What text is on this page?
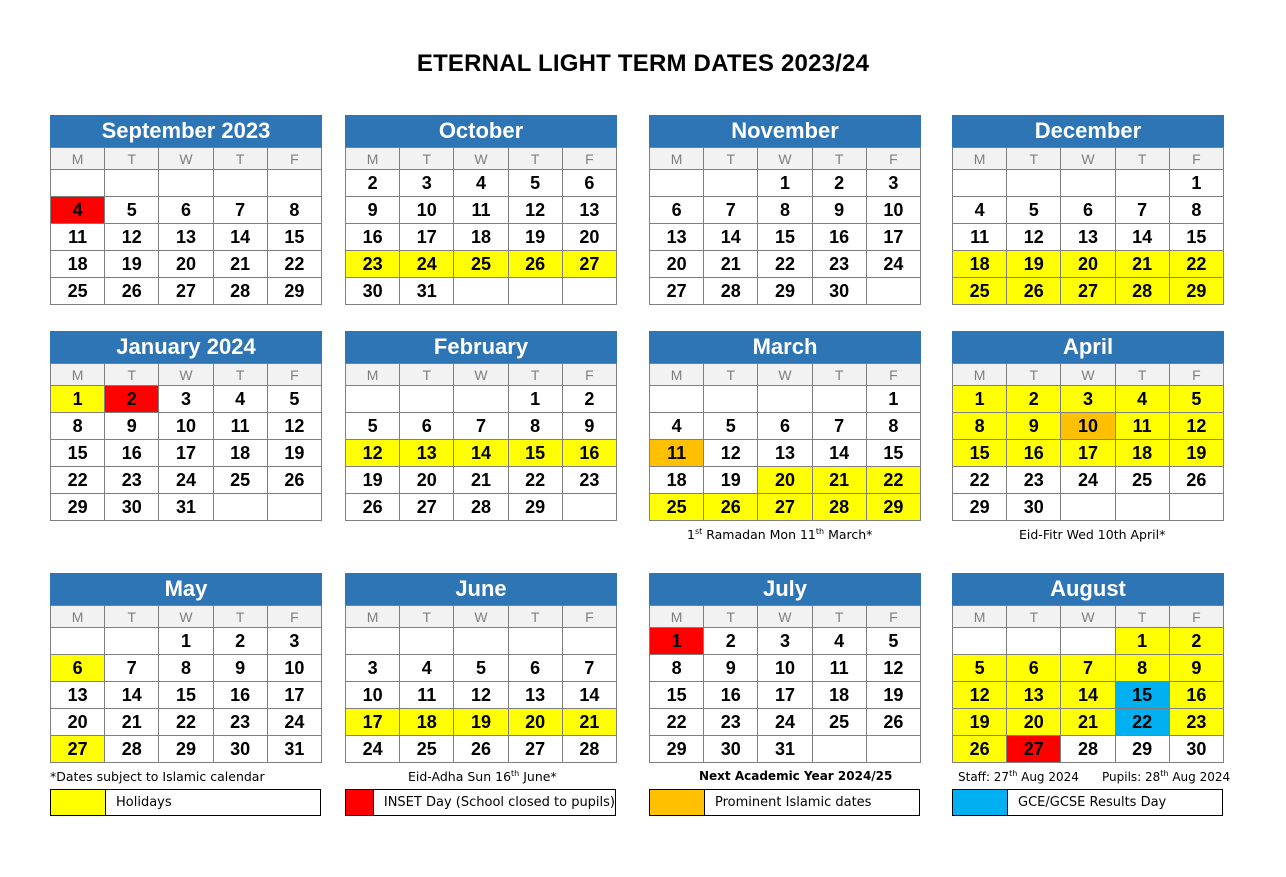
ETERNAL LIGHT TERM DATES 2023/24
September 2023
M	T	W	T	F

4	5	6	7	8
11	12	13	14	15
18	19	20	21	22
25	26	27	28	29
October
M	T	W	T	F
2	3	4	5	6
9	10	11	12	13
16	17	18	19	20
23	24	25	26	27
30	31			
November
M	T	W	T	F
		1	2	3
6	7	8	9	10
13	14	15	16	17
20	21	22	23	24
27	28	29	30	
December
M	T	W	T	F
				1
4	5	6	7	8
11	12	13	14	15
18	19	20	21	22
25	26	27	28	29
January 2024
M	T	W	T	F
1	2	3	4	5
8	9	10	11	12
15	16	17	18	19
22	23	24	25	26
29	30	31		
February
M	T	W	T	F
			1	2
5	6	7	8	9
12	13	14	15	16
19	20	21	22	23
26	27	28	29	
March
M	T	W	T	F
				1
4	5	6	7	8
11	12	13	14	15
18	19	20	21	22
25	26	27	28	29
April
M	T	W	T	F
1	2	3	4	5
8	9	10	11	12
15	16	17	18	19
22	23	24	25	26
29	30			
May
M	T	W	T	F
		1	2	3
6	7	8	9	10
13	14	15	16	17
20	21	22	23	24
27	28	29	30	31
June
M	T	W	T	F

3	4	5	6	7
10	11	12	13	14
17	18	19	20	21
24	25	26	27	28
July
M	T	W	T	F
1	2	3	4	5
8	9	10	11	12
15	16	17	18	19
22	23	24	25	26
29	30	31		
August
M	T	W	T	F
			1	2
5	6	7	8	9
12	13	14	15	16
19	20	21	22	23
26	27	28	29	30
1st Ramadan Mon 11th March*	Eid-Fitr Wed 10th April*
*Dates subject to Islamic calendar	Eid-Adha Sun 16th June*	Next Academic Year 2024/25	Staff: 27th Aug 2024 Pupils: 28th Aug 2024
Holidays	INSET Day (School closed to pupils)	Prominent Islamic dates	GCE/GCSE Results Day
